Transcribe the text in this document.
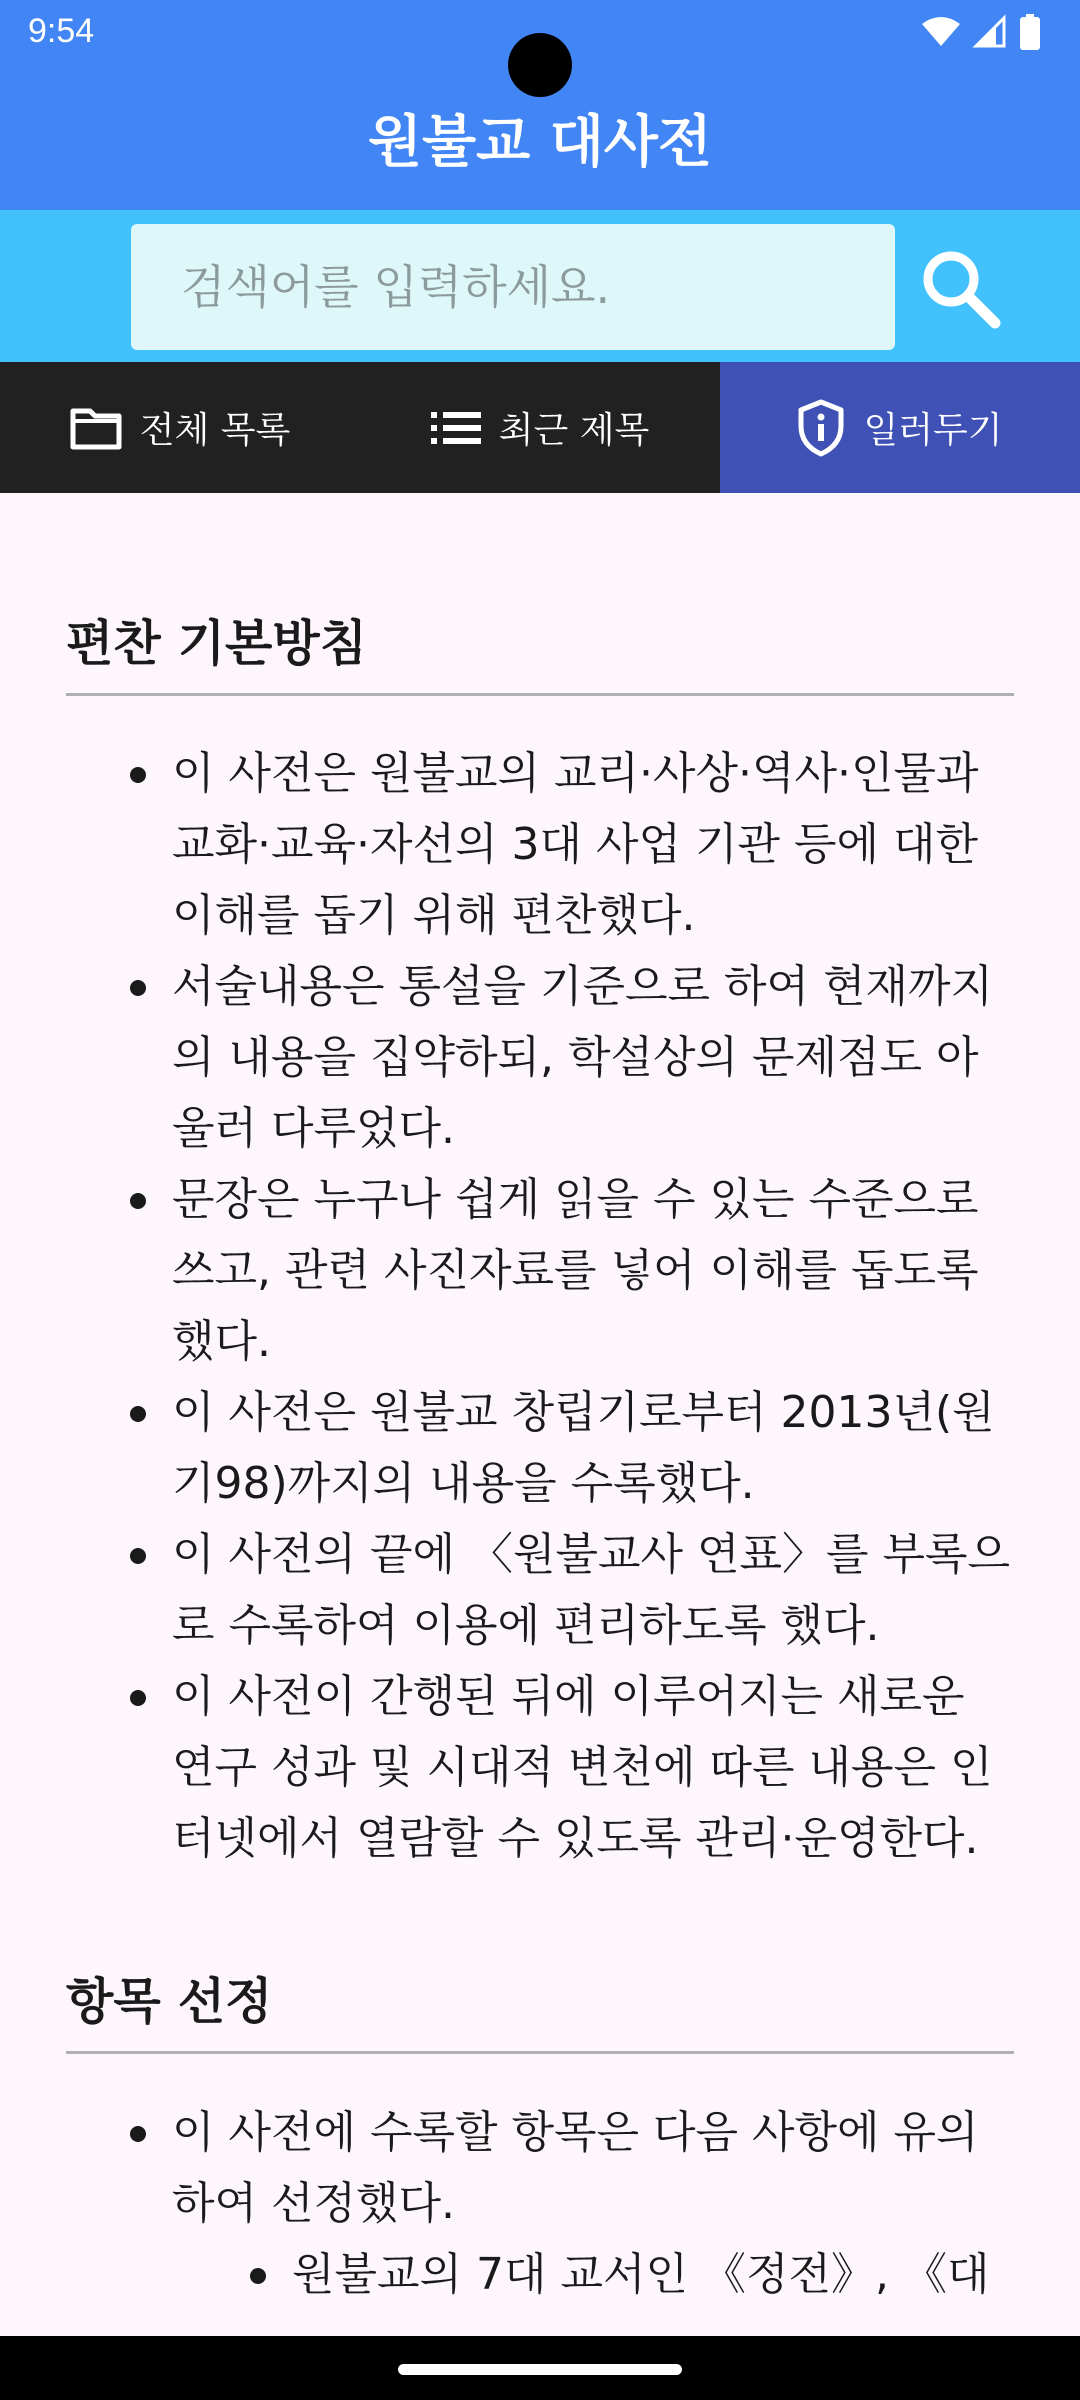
9:54
원불교 대사전
검색어를 입력하세요.
전체 목록	최근 제목	일러두기
편찬 기본방침
이 사전은 원불교의 교리·사상·역사·인물과 교화·교육·자선의 3대 사업 기관 등에 대한 이해를 돕기 위해 편찬했다.
서술내용은 통설을 기준으로 하여 현재까지의 내용을 집약하되, 학설상의 문제점도 아울러 다루었다.
문장은 누구나 쉽게 읽을 수 있는 수준으로 쓰고, 관련 사진자료를 넣어 이해를 돕도록 했다.
이 사전은 원불교 창립기로부터 2013년(원기98)까지의 내용을 수록했다.
이 사전의 끝에 〈원불교사 연표〉를 부록으로 수록하여 이용에 편리하도록 했다.
이 사전이 간행된 뒤에 이루어지는 새로운 연구 성과 및 시대적 변천에 따른 내용은 인터넷에서 열람할 수 있도록 관리·운영한다.
항목 선정
이 사전에 수록할 항목은 다음 사항에 유의하여 선정했다.
원불교의 7대 교서인 《정전》, 《대
